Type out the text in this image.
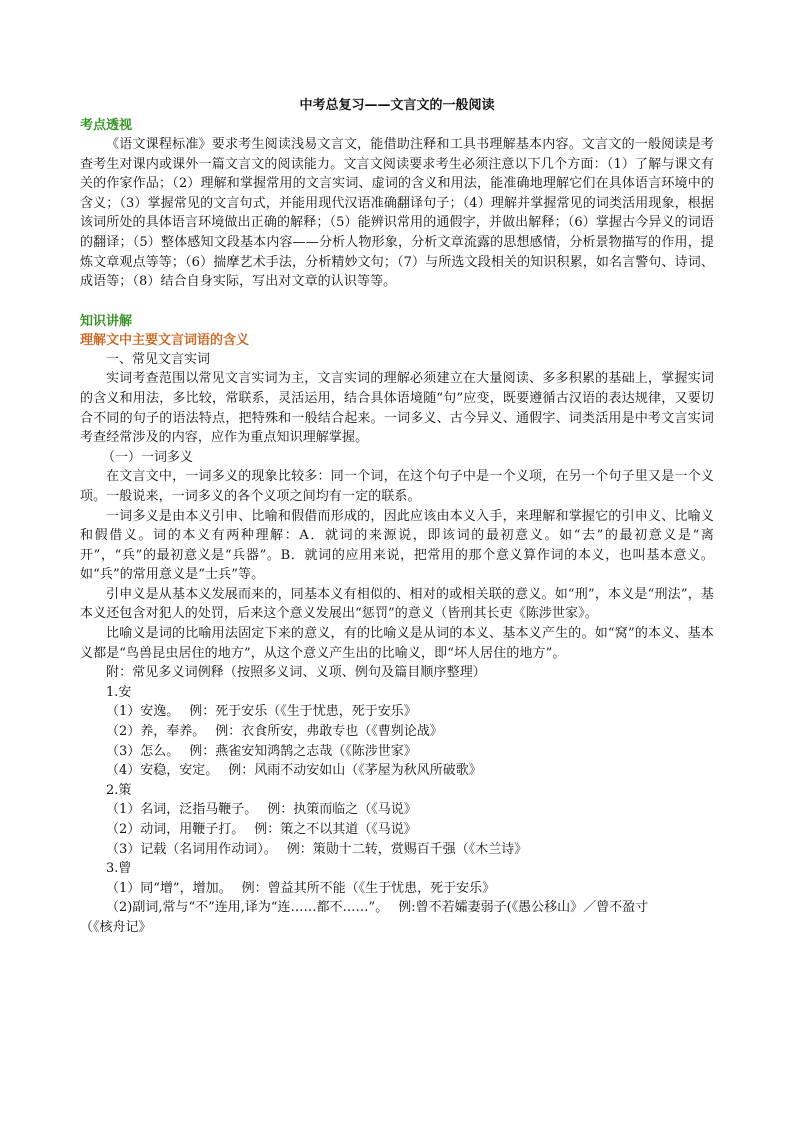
中考总复习——文言文的一般阅读

考点透视

《语文课程标准》要求考生阅读浅易文言文，能借助注释和工具书理解基本内容。文言文的一般阅读是考查考生对课内或课外一篇文言文的阅读能力。文言文阅读要求考生必须注意以下几个方面：（1）了解与课文有关的作家作品；（2）理解和掌握常用的文言实词、虚词的含义和用法，能准确地理解它们在具体语言环境中的含义；（3）掌握常见的文言句式，并能用现代汉语准确翻译句子；（4）理解并掌握常见的词类活用现象，根据该词所处的具体语言环境做出正确的解释；（5）能辨识常用的通假字，并做出解释；（6）掌握古今异义的词语的翻译；（5）整体感知文段基本内容——分析人物形象，分析文章流露的思想感情，分析景物描写的作用，提炼文章观点等等；（6）揣摩艺术手法，分析精妙文句；（7）与所选文段相关的知识积累，如名言警句、诗词、成语等；（8）结合自身实际，写出对文章的认识等等。

知识讲解

理解文中主要文言词语的含义

一、常见文言实词

实词考查范围以常见文言实词为主，文言实词的理解必须建立在大量阅读、多多积累的基础上，掌握实词的含义和用法，多比较，常联系，灵活运用，结合具体语境随“句”应变，既要遵循古汉语的表达规律，又要切合不同的句子的语法特点，把特殊和一般结合起来。一词多义、古今异义、通假字、词类活用是中考文言实词考查经常涉及的内容，应作为重点知识理解掌握。

（一）一词多义

在文言文中，一词多义的现象比较多：同一个词，在这个句子中是一个义项，在另一个句子里又是一个义项。一般说来，一词多义的各个义项之间均有一定的联系。

一词多义是由本义引申、比喻和假借而形成的，因此应该由本义入手，来理解和掌握它的引申义、比喻义和假借义。词的本义有两种理解：A．就词的来源说，即该词的最初意义。如“去”的最初意义是“离开”，“兵”的最初意义是“兵器”。B．就词的应用来说，把常用的那个意义算作词的本义，也叫基本意义。如“兵”的常用意义是“士兵”等。

引申义是从基本义发展而来的，同基本义有相似的、相对的或相关联的意义。如“刑”，本义是“刑法”，基本义还包含对犯人的处罚，后来这个意义发展出“惩罚”的意义（皆刑其长吏《陈涉世家》。

比喻义是词的比喻用法固定下来的意义，有的比喻义是从词的本义、基本义产生的。如“窝”的本义、基本义都是“鸟兽昆虫居住的地方”，从这个意义产生出的比喻义，即“坏人居住的地方”。

附：常见多义词例释（按照多义词、义项、例句及篇目顺序整理）

1.安

（1）安逸。 例：死于安乐（《生于忧患，死于安乐》

（2）养，奉养。 例：衣食所安，弗敢专也（《曹刿论战》

（3）怎么。 例：燕雀安知鸿鹄之志哉（《陈涉世家》

（4）安稳，安定。 例：风雨不动安如山（《茅屋为秋风所破歌》

2.策

（1）名词，泛指马鞭子。 例：执策而临之（《马说》

（2）动词，用鞭子打。 例：策之不以其道（《马说》

（3）记载（名词用作动词）。 例：策勋十二转，赏赐百千强（《木兰诗》

3.曾

（1）同“增”，增加。 例：曾益其所不能（《生于忧患，死于安乐》

（2)副词,常与“不”连用,译为“连……都不……”。 例:曾不若孀妻弱子(《愚公移山》／曾不盈寸
（《核舟记》
